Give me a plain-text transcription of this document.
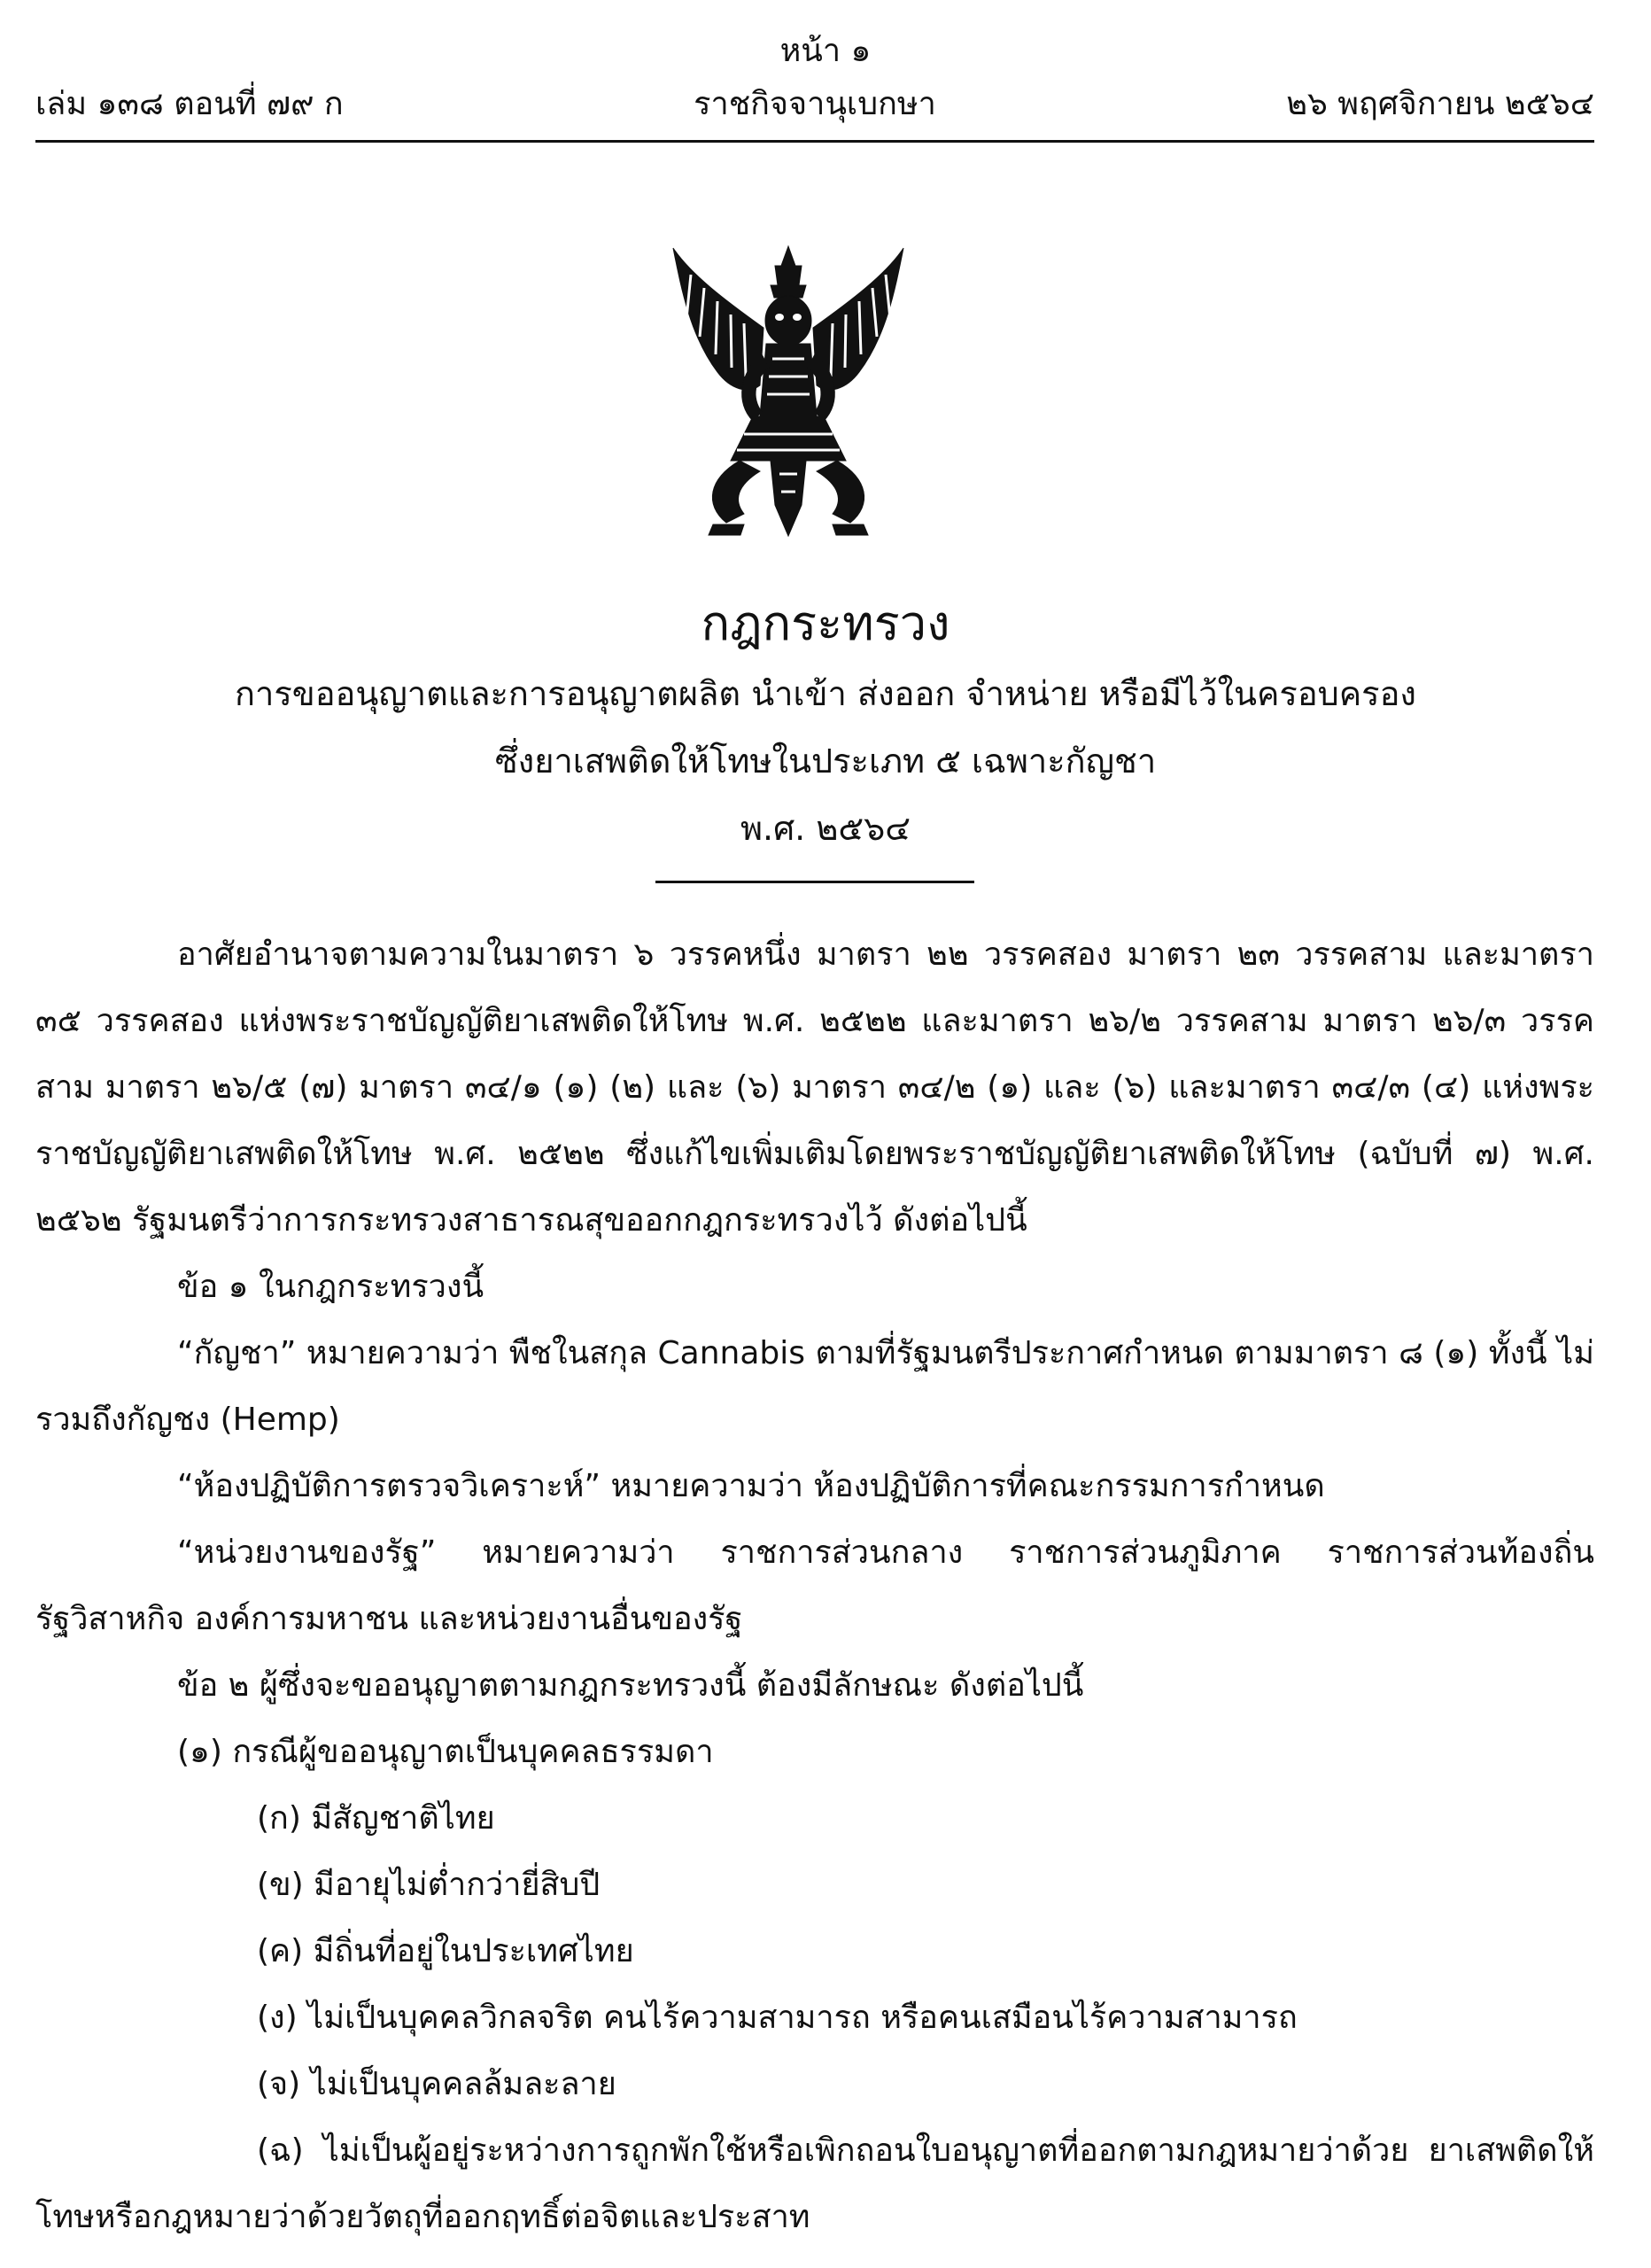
หน้า ๑
ราชกิจจานุเบกษา
เล่ม ๑๓๘ ตอนที่ ๗๙ ก	๒๖ พฤศจิกายน ๒๕๖๔
กฎกระทรวง
การขออนุญาตและการอนุญาตผลิต นำเข้า ส่งออก จำหน่าย หรือมีไว้ในครอบครอง
ซึ่งยาเสพติดให้โทษในประเภท ๕ เฉพาะกัญชา
พ.ศ. ๒๕๖๔

อาศัยอำนาจตามความในมาตรา ๖ วรรคหนึ่ง มาตรา ๒๒ วรรคสอง มาตรา ๒๓ วรรคสาม และมาตรา ๓๕ วรรคสอง แห่งพระราชบัญญัติยาเสพติดให้โทษ พ.ศ. ๒๕๒๒ และมาตรา ๒๖/๒ วรรคสาม มาตรา ๒๖/๓ วรรคสาม มาตรา ๒๖/๕ (๗) มาตรา ๓๔/๑ (๑) (๒) และ (๖) มาตรา ๓๔/๒ (๑) และ (๖) และมาตรา ๓๔/๓ (๔) แห่งพระราชบัญญัติยาเสพติดให้โทษ พ.ศ. ๒๕๒๒ ซึ่งแก้ไขเพิ่มเติมโดยพระราชบัญญัติยาเสพติดให้โทษ (ฉบับที่ ๗) พ.ศ. ๒๕๖๒ รัฐมนตรีว่าการกระทรวงสาธารณสุขออกกฎกระทรวงไว้ ดังต่อไปนี้

ข้อ ๑ ในกฎกระทรวงนี้

“กัญชา” หมายความว่า พืชในสกุล Cannabis ตามที่รัฐมนตรีประกาศกำหนด ตามมาตรา ๘ (๑) ทั้งนี้ ไม่รวมถึงกัญชง (Hemp)

“ห้องปฏิบัติการตรวจวิเคราะห์” หมายความว่า ห้องปฏิบัติการที่คณะกรรมการกำหนด

“หน่วยงานของรัฐ” หมายความว่า ราชการส่วนกลาง ราชการส่วนภูมิภาค ราชการส่วนท้องถิ่น รัฐวิสาหกิจ องค์การมหาชน และหน่วยงานอื่นของรัฐ

ข้อ ๒ ผู้ซึ่งจะขออนุญาตตามกฎกระทรวงนี้ ต้องมีลักษณะ ดังต่อไปนี้

(๑) กรณีผู้ขออนุญาตเป็นบุคคลธรรมดา

(ก) มีสัญชาติไทย

(ข) มีอายุไม่ต่ำกว่ายี่สิบปี

(ค) มีถิ่นที่อยู่ในประเทศไทย

(ง) ไม่เป็นบุคคลวิกลจริต คนไร้ความสามารถ หรือคนเสมือนไร้ความสามารถ

(จ) ไม่เป็นบุคคลล้มละลาย

(ฉ) ไม่เป็นผู้อยู่ระหว่างการถูกพักใช้หรือเพิกถอนใบอนุญาตที่ออกตามกฎหมายว่าด้วย ยาเสพติดให้โทษหรือกฎหมายว่าด้วยวัตถุที่ออกฤทธิ์ต่อจิตและประสาท
